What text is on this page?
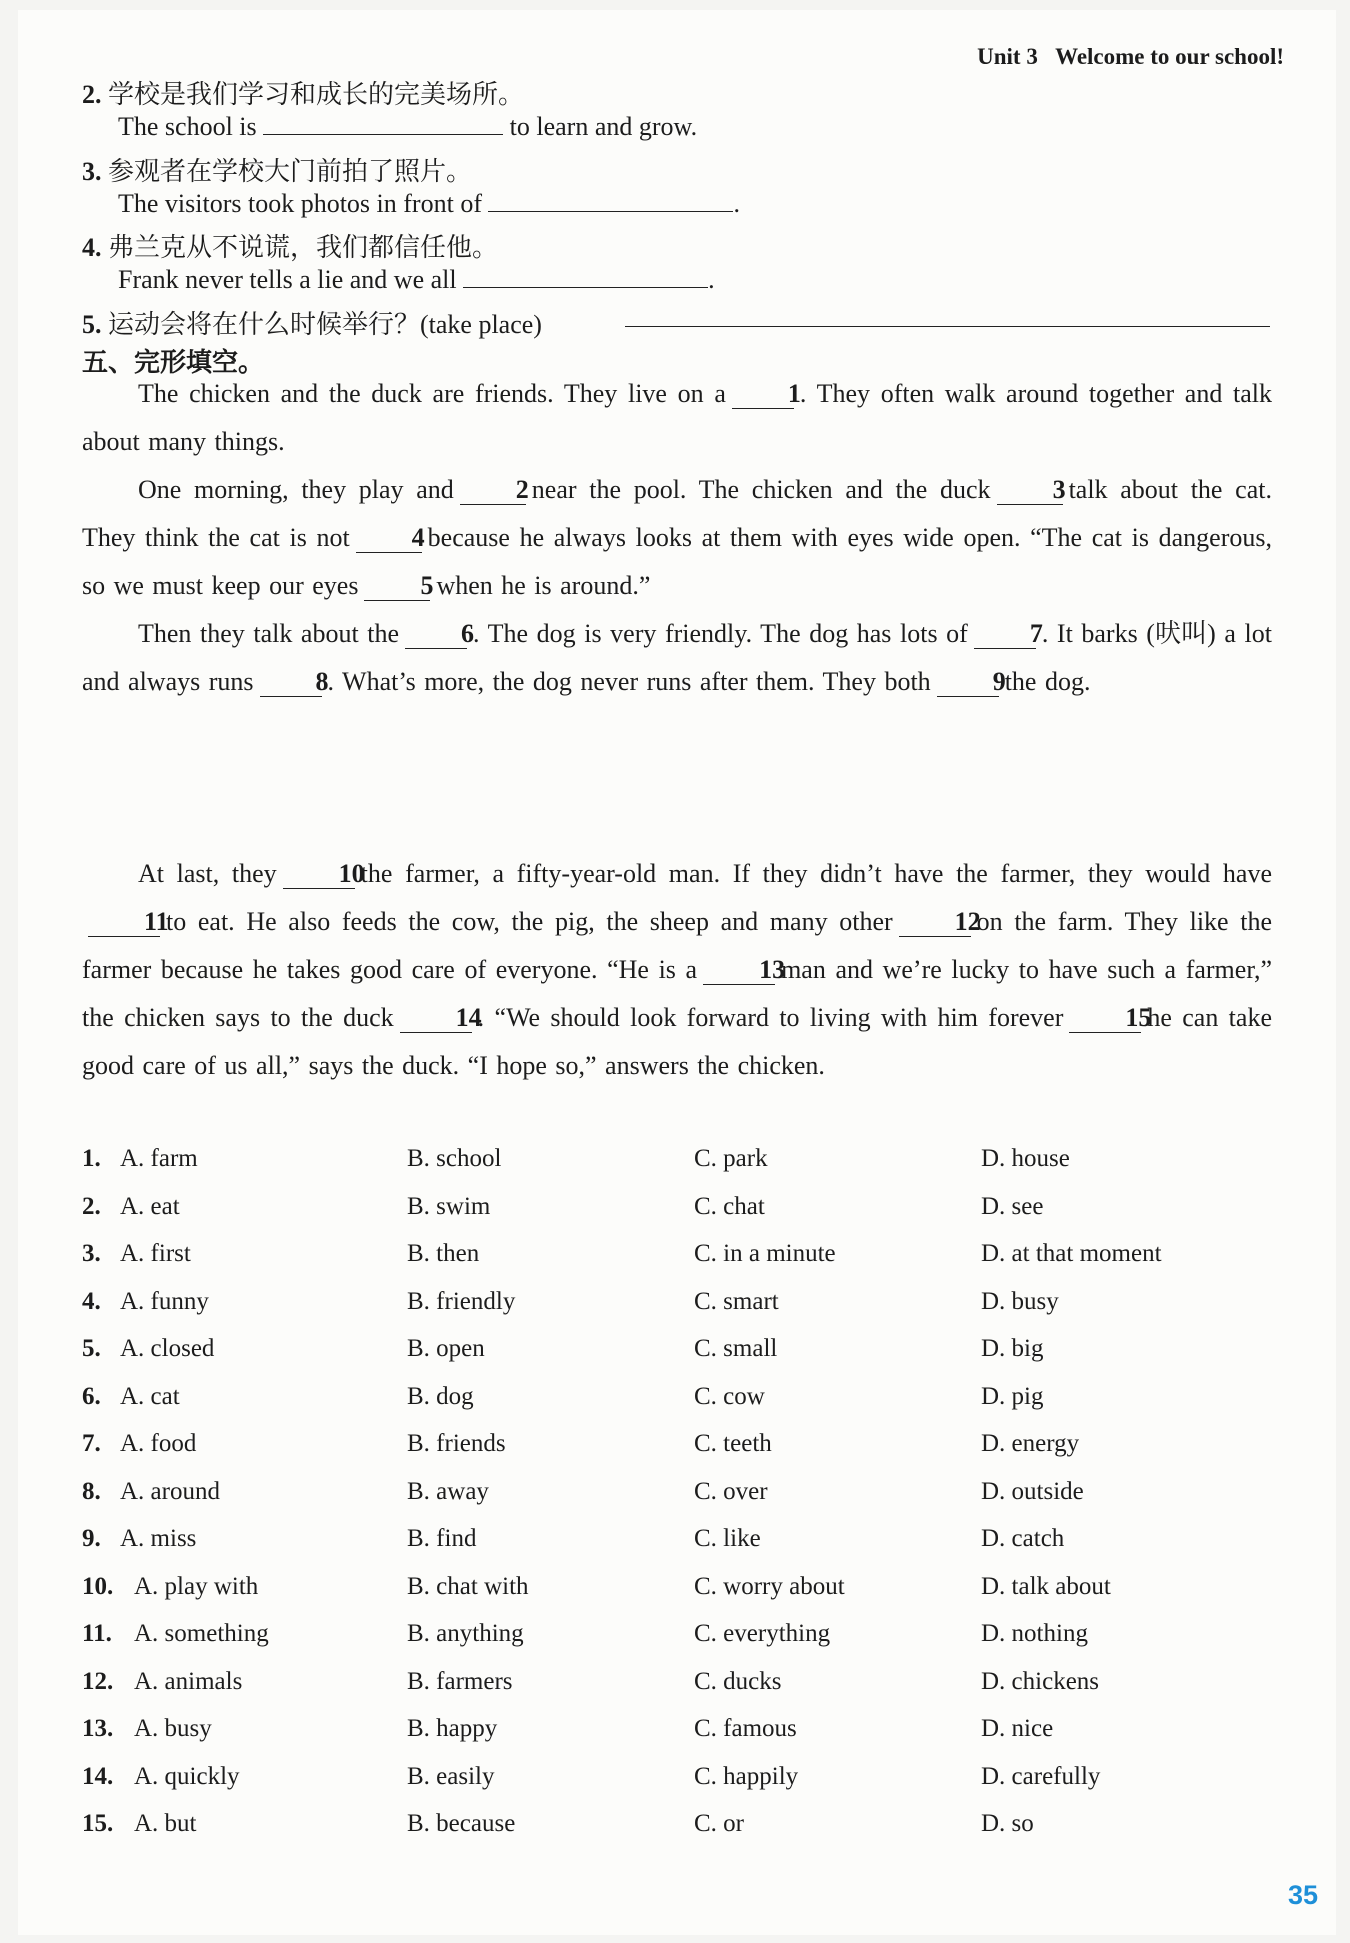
Unit 3 Welcome to our school!
2. 学校是我们学习和成长的完美场所。
The school is	to learn and grow.
3. 参观者在学校大门前拍了照片。
The visitors took photos in front of	.
4. 弗兰克从不说谎，我们都信任他。
Frank never tells a lie and we all	.
5. 运动会将在什么时候举行？(take place)
五、完形填空。
The chicken and the duck are friends. They live on a 1. They often walk around together and talk about many things.
One morning, they play and 2 near the pool. The chicken and the duck 3 talk about the cat. They think the cat is not 4 because he always looks at them with eyes wide open. “The cat is dangerous, so we must keep our eyes 5 when he is around.”
Then they talk about the 6. The dog is very friendly. The dog has lots of 7. It barks (吠叫) a lot and always runs 8. What’s more, the dog never runs after them. They both 9the dog.
At last, they 10the farmer, a fifty-year-old man. If they didn’t have the farmer, they would have11to eat. He also feeds the cow, the pig, the sheep and many other 12on the farm. They like the farmer because he takes good care of everyone. “He is a 13man and we’re lucky to have such a farmer,” the chicken says to the duck 14. “We should look forward to living with him forever 15he can take good care of us all,” says the duck. “I hope so,” answers the chicken.
1. A. farm	B. school	C. park	D. house
2. A. eat	B. swim	C. chat	D. see
3. A. first	B. then	C. in a minute	D. at that moment
4. A. funny	B. friendly	C. smart	D. busy
5. A. closed	B. open	C. small	D. big
6. A. cat	B. dog	C. cow	D. pig
7. A. food	B. friends	C. teeth	D. energy
8. A. around	B. away	C. over	D. outside
9. A. miss	B. find	C. like	D. catch
10. A. play with	B. chat with	C. worry about	D. talk about
11. A. something	B. anything	C. everything	D. nothing
12. A. animals	B. farmers	C. ducks	D. chickens
13. A. busy	B. happy	C. famous	D. nice
14. A. quickly	B. easily	C. happily	D. carefully
15. A. but	B. because	C. or	D. so
35
